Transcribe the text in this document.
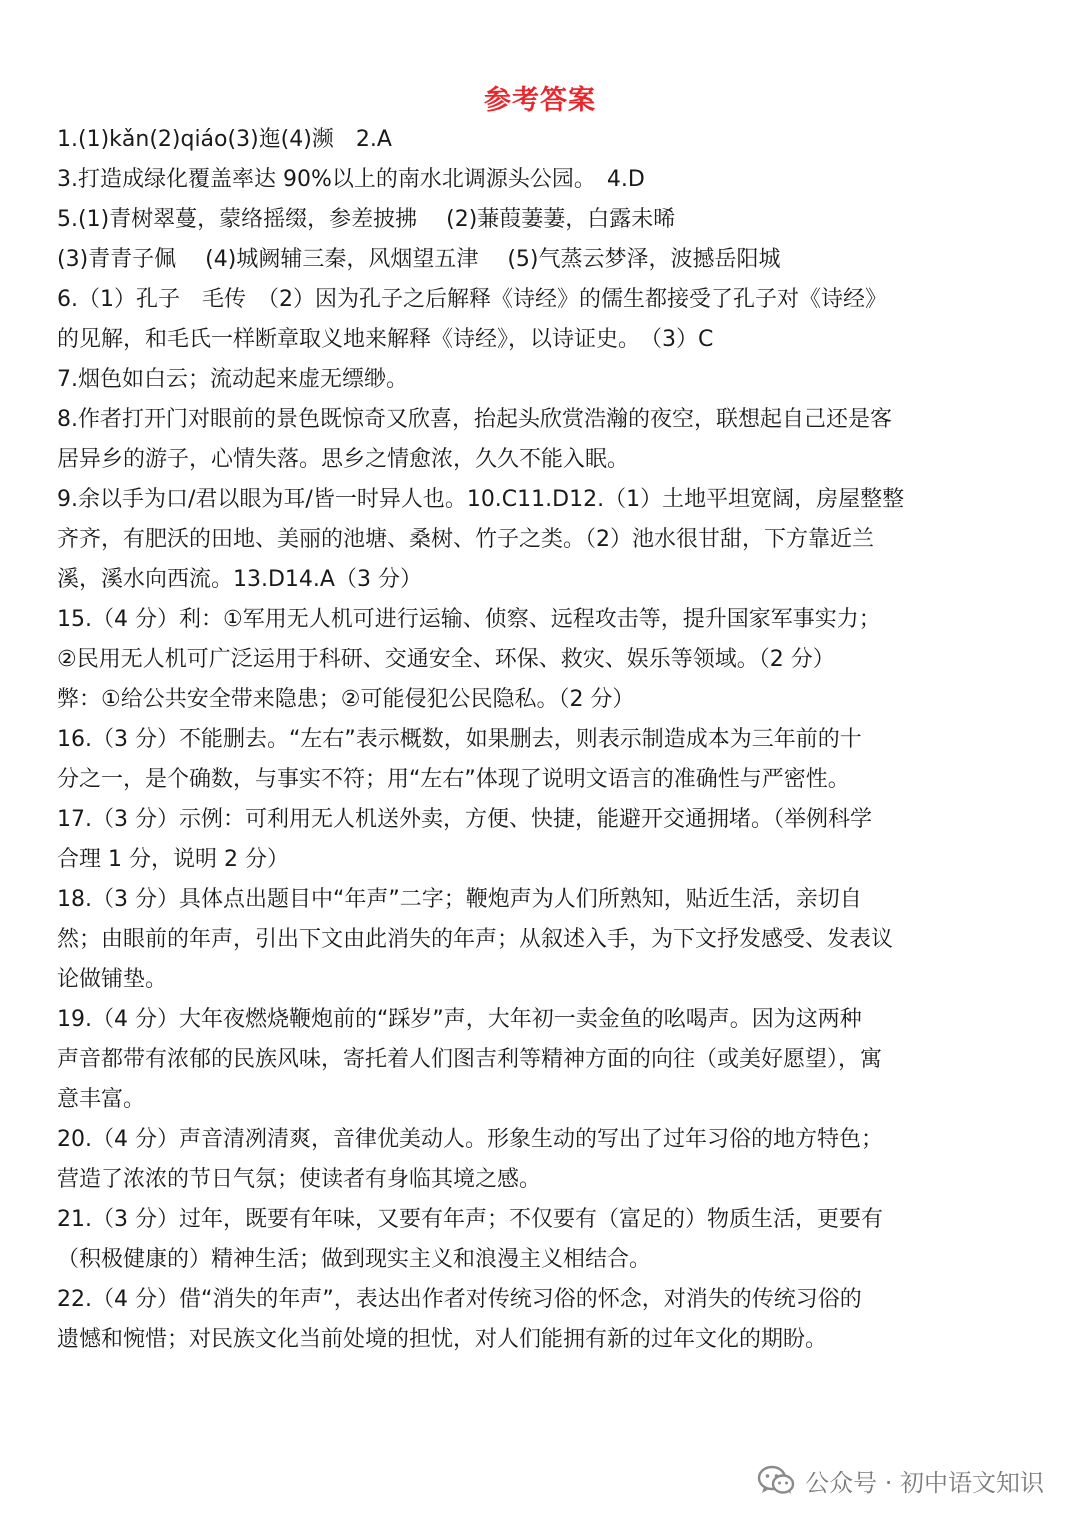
参考答案
1.(1)kǎn(2)qiáo(3)迤(4)濒　2.A
3.打造成绿化覆盖率达 90%以上的南水北调源头公园。　4.D
5.(1)青树翠蔓，蒙络摇缀，参差披拂　 (2)蒹葭萋萋，白露未晞
(3)青青子佩　 (4)城阙辅三秦，风烟望五津　 (5)气蒸云梦泽，波撼岳阳城
6.（1）孔子　毛传　（2）因为孔子之后解释《诗经》的儒生都接受了孔子对《诗经》
的见解，和毛氏一样断章取义地来解释《诗经》，以诗证史。　（3）C
7.烟色如白云；流动起来虚无缥缈。
8.作者打开门对眼前的景色既惊奇又欣喜，抬起头欣赏浩瀚的夜空，联想起自己还是客
居异乡的游子，心情失落。思乡之情愈浓，久久不能入眠。
9.余以手为口/君以眼为耳/皆一时异人也。10.C11.D12.（1）土地平坦宽阔，房屋整整
齐齐，有肥沃的田地、美丽的池塘、桑树、竹子之类。（2）池水很甘甜，下方靠近兰
溪，溪水向西流。13.D14.A（3 分）
15.（4 分）利：①军用无人机可进行运输、侦察、远程攻击等，提升国家军事实力；
②民用无人机可广泛运用于科研、交通安全、环保、救灾、娱乐等领域。（2 分）
弊：①给公共安全带来隐患；②可能侵犯公民隐私。（2 分）
16.（3 分）不能删去。“左右”表示概数，如果删去，则表示制造成本为三年前的十
分之一，是个确数，与事实不符；用“左右”体现了说明文语言的准确性与严密性。
17.（3 分）示例：可利用无人机送外卖，方便、快捷，能避开交通拥堵。（举例科学
合理 1 分，说明 2 分）
18.（3 分）具体点出题目中“年声”二字；鞭炮声为人们所熟知，贴近生活，亲切自
然；由眼前的年声，引出下文由此消失的年声；从叙述入手，为下文抒发感受、发表议
论做铺垫。
19.（4 分）大年夜燃烧鞭炮前的“踩岁”声，大年初一卖金鱼的吆喝声。因为这两种
声音都带有浓郁的民族风味，寄托着人们图吉利等精神方面的向往（或美好愿望），寓
意丰富。
20.（4 分）声音清冽清爽，音律优美动人。形象生动的写出了过年习俗的地方特色；
营造了浓浓的节日气氛；使读者有身临其境之感。
21.（3 分）过年，既要有年味，又要有年声；不仅要有（富足的）物质生活，更要有
（积极健康的）精神生活；做到现实主义和浪漫主义相结合。
22.（4 分）借“消失的年声”，表达出作者对传统习俗的怀念，对消失的传统习俗的
遗憾和惋惜；对民族文化当前处境的担忧，对人们能拥有新的过年文化的期盼。
公众号 · 初中语文知识
